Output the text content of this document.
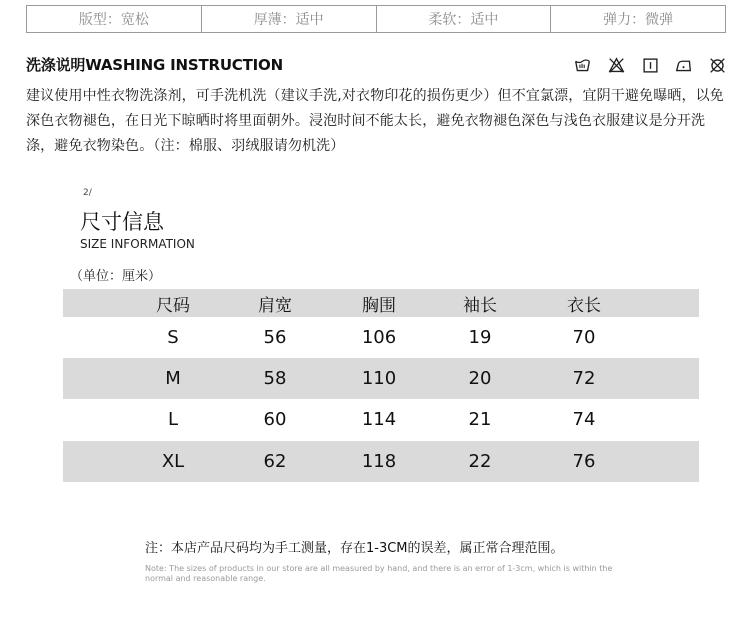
版型：宽松	厚薄：适中	柔软：适中	弹力：微弹
洗涤说明WASHING INSTRUCTION
建议使用中性衣物洗涤剂，可手洗机洗（建议手洗,对衣物印花的损伤更少）但不宜氯漂，宜阴干避免曝晒，以免深色衣物褪色，在日光下晾晒时将里面朝外。浸泡时间不能太长，避免衣物褪色深色与浅色衣服建议是分开洗涤，避免衣物染色。（注：棉服、羽绒服请勿机洗）
2/
尺寸信息
SIZE INFORMATION
（单位：厘米）
尺码	肩宽	胸围	袖长	衣长
S	56	106	19	70
M	58	110	20	72
L	60	114	21	74
XL	62	118	22	76
注：本店产品尺码均为手工测量，存在1-3CM的误差，属正常合理范围。
Note: The sizes of products in our store are all measured by hand, and there is an error of 1-3cm, which is within the normal and reasonable range.
